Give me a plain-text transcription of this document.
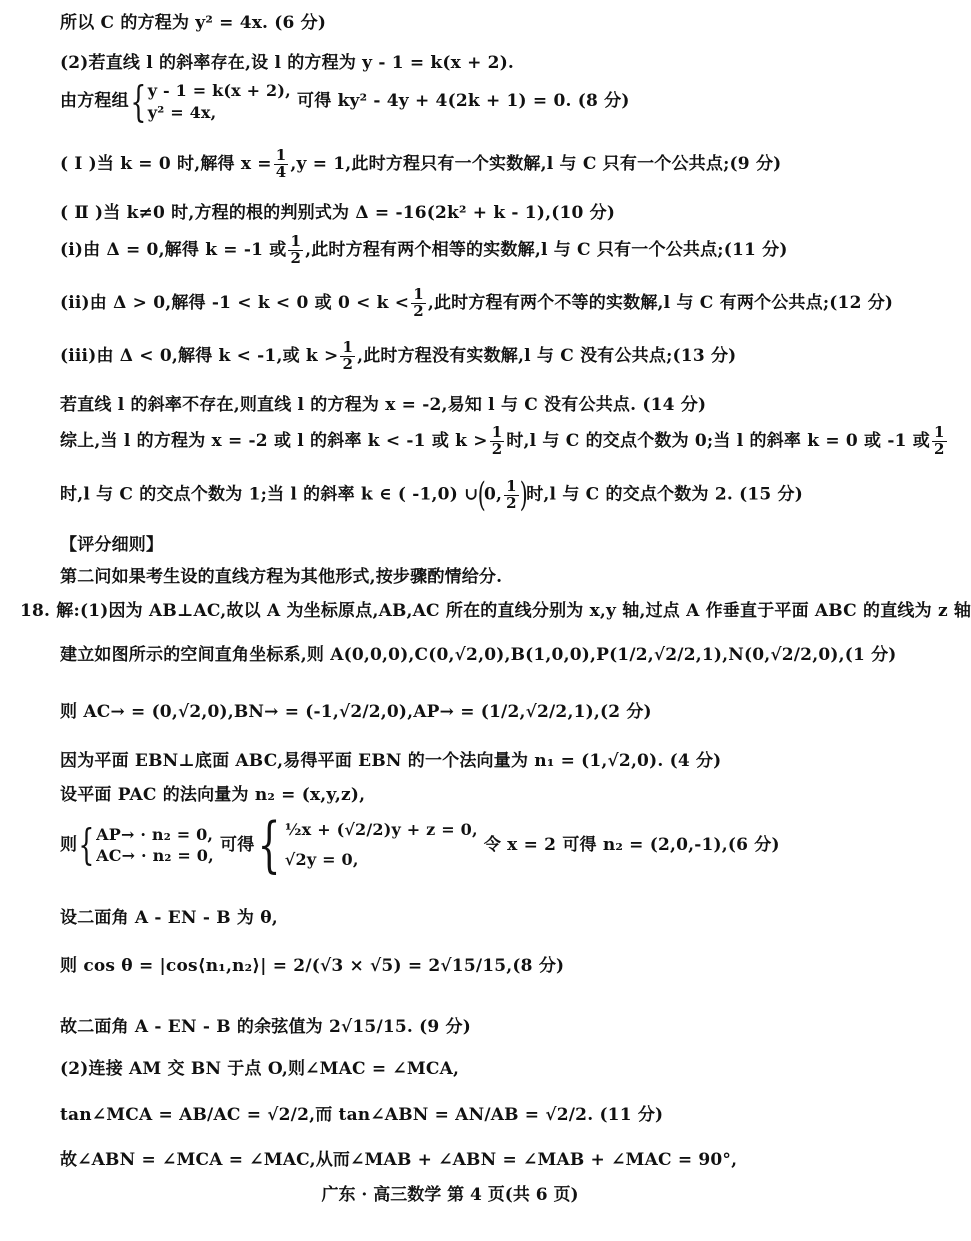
所以 C 的方程为 y² = 4x. (6 分)
(2)若直线 l 的斜率存在,设 l 的方程为 y - 1 = k(x + 2).
由方程组{ y - 1 = k(x + 2),
y² = 4x,
可得 ky² - 4y + 4(2k + 1) = 0. (8 分)
( Ⅰ )当 k = 0 时,解得 $x = \frac{1}{4} ,y = 1$,此时方程只有一个实数解,l 与 C 只有一个公共点;(9 分)
( Ⅱ )当 k≠0 时,方程的根的判别式为 Δ = -16(2k² + k - 1),(10 分)
(i)由 Δ = 0,解得 k = -1 或 $\frac{1}{2}$ ,此时方程有两个相等的实数解,l 与 C 只有一个公共点;(11 分)
(ii)由 Δ > 0,解得 -1 < k < 0 或 $0 < k < \frac{1}{2}$ ,此时方程有两个不等的实数解,l 与 C 有两个公共点;(12 分)
(iii)由 Δ < 0,解得 k < -1,或 $k > \frac{1}{2}$ ,此时方程没有实数解,l 与 C 没有公共点;(13 分)
若直线 l 的斜率不存在,则直线 l 的方程为 x = -2,易知 l 与 C 没有公共点. (14 分)
综上,当 l 的方程为 x = -2 或 l 的斜率 k < -1 或 $k > \frac{1}{2}$ 时,l 与 C 的交点个数为 0;当 l 的斜率 k = 0 或 -1 或 $\frac{1}{2}$
时,l 与 C 的交点个数为 1;当 l 的斜率 k ∈ ( -1,0) ∪(0, $\frac{1}{2}$ )时,l 与 C 的交点个数为 2. (15 分)
【评分细则】
第二问如果考生设的直线方程为其他形式,按步骤酌情给分.
18. 解:(1)因为 AB⊥AC,故以 A 为坐标原点,AB,AC 所在的直线分别为 x,y 轴,过点 A 作垂直于平面 ABC 的直线为 z 轴
建立如图所示的空间直角坐标系,则 A(0,0,0),C(0,√2,0),B(1,0,0),P(1/2,√2/2,1),N(0,√2/2,0),(1 分)
则 AC→ = (0,√2,0),BN→ = (-1,√2/2,0),AP→ = (1/2,√2/2,1),(2 分)
因为平面 EBN⊥底面 ABC,易得平面 EBN 的一个法向量为 n₁ = (1,√2,0). (4 分)
设平面 PAC 的法向量为 n₂ = (x,y,z),
则{ AP→ · n₂ = 0,
AC→ · n₂ = 0,
可得{ ½x + (√2/2)y + z = 0,
√2y = 0,
令 x = 2 可得 n₂ = (2,0,-1),(6 分)
设二面角 A - EN - B 为 θ,
则 cos θ = |cos⟨n₁,n₂⟩| = 2/(√3 × √5) = 2√15/15,(8 分)
故二面角 A - EN - B 的余弦值为 2√15/15. (9 分)
(2)连接 AM 交 BN 于点 O,则∠MAC = ∠MCA,
tan∠MCA = AB/AC = √2/2,而 tan∠ABN = AN/AB = √2/2. (11 分)
故∠ABN = ∠MCA = ∠MAC,从而∠MAB + ∠ABN = ∠MAB + ∠MAC = 90°,
广东 · 高三数学 第 4 页(共 6 页)
